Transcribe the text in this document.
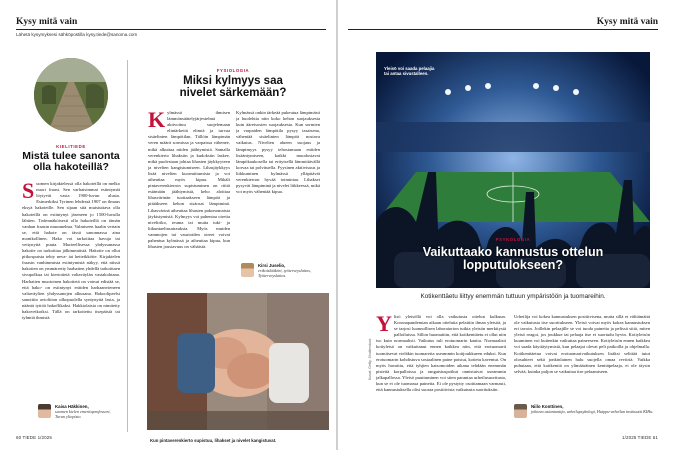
Kysy mitä vain
Lähetä kysymyksesi sähköpostilla kysy.tiede@sanoma.com
KIELITIEDE
Mistä tulee sanonta olla hakoteillä?
Suomen kirjakielessä olla hakoteillä on melko nuori fraasi. Sen varhaisimmat esiintymät löytyvät vasta 1900-luvun alusta. Esimerkiksi Tyrinen lehdessä 1907 on ilmaus eksyä hakoteille. Sen sijaan sitä muistuttava olla hakoteillä on esiintynyt jäseneen jo 1500-luvulla lähtien. Todennäköisesti olla hakoteillä on tämän vanhan fraasin muunnelma. Valmiseen haalin vertain se, että hakote on tässä sanonnassa aina monikollinen. Hako voi tarkoittaa havuja tai vettynyttä puuta. Murteellisessa yhdyssanassa hakotie on tarkoittaa jälkimmäistä. Hakotie on ollut pitkospuista tehty neva- tai hetteikkötie. Kirjakielen fraasin vanhimmista esiintymistä näkyy, että niissä hakotien on ymmärretty harhatien yhdellä tarkoittaen sivupolkua tai kiertotietä valtaväylän vastakohtana. Harhatien muotoinen hakotietä on voinut edistää se, että hako- on esiintynyt eräiden harhaanvieneen valtaväylien yhdyssanojen alkusana. Hakoolipeelsi sanottiin avioliiton ulkopuolella syntynyttä lasta, ja nääntä tyttöä hakoflikaksi. Hakkiolaisia on nimitetty hakoveikoiksi. Tällä on tarkoitettu itsepäisiä tai tyhmiä ihmisiä.
Kaisa Häkkinen,
suomen kielen emeritaprofessori, Turun yliopisto.
FYSIOLOGIA
Miksi kylmyys saa nivelet särkemään?
Kylmässä ihmisen lämmönsäätelyjärjestelmä aktivoituu suojelemaan elintärkeitä elimiä ja turvaa sisäelinten lämpötilan. Tällöin lämpimän veren määrä sormissa ja varpaissa vähenee, mikä alkuttaa niiden jäähtymistä. Samalla verenkierto lihaksiin ja kudoksiin laskee, mikä puolestaan johtaa lihasten jäykkyyteen ja nivelten kangistumiseen. Lihasjäykkyys lisää nivelten kuormittumista ja voi aiheuttaa myös kipua. Mikäli pintaverenkierron supistuminen on riittä estämään jäähtymistä, keho aloittaa lihasvärinän tuottaakseen lämpöä ja pitääkseen kehon sisäosat lämpiminä. Lihasvärinä aiheuttaa lihasten pakonomaista jäykistymistä. Kylmyys voi pahentaa oireita niveliriko, reuma tai muita tuki- ja liikuntaelinsairauksia. Myös muiden vammojen tai vaurioiden oireet voivat pahentua kylmässä ja aiheuttaa kipua, kun lihasten joustavuus on vähäistä.
Kylmässä onkin tärkeää pukeutua lämpimästi ja huolehtia niin koko kehon suojauksesta kuin ääreisosien suojauksesta. Kun sormien ja varpaiden lämpötila pysyy tasaisena, vähentää sisäelinten lämpöä nostava vaikutus. Nivelten alueen suojaus ja lämpimyys pysyy tehostamaan eräiden lisääntymiseen, kaikki muodostavat lämpökaukosella tai erityisellä lämmittävällä korvaa tai polvituella. Fyysinen aktiivisuus ja liikkuminen kylmässä ylläpitävät verenkierron hyvää toimintaa. Lihakset pysyvät lämpiminä ja nivelet liikkeessä, mikä voi myös vähentää kipua.
Kirsi Juselio,
erikoislääkäri, työterveyslaitos, Työterveyslaitos.
Kun pintaverenkierto supistuu, lihakset ja nivelet kangistuvat.
60 TIEDE 1/2025
Kysy mitä vain
Yleisö voi saada pelaajia tai antaa sivustalleen.
Kuvat: Getty, Shutterstock
PSYKOLOGIA
Vaikuttaako kannustus ottelun lopputulokseen?
Kotikenttäetu liittyy enemmän tuttuun ympäristöön ja tuomareihin.
Ylisö yleisöllä voi olla vaikutusta ottelun kulkuun. Koronapandemian aikaan otteluita pelattiin ilman yleisöä, ja se tarjosi luonnollisen laboratorion tutkia yleisön merkitystä palloiluissa. Sillon huomattiin, että kotikenttäetu ei ollut niin iso kuin normaalisti. Vaikutus tuli erotuomarin kautta. Normaalisti kotiyleisö on vaikuttanut ennen kaikkea niin, että erotuomarit tuomitsevat vieläkin tuomareita useammin kotijoukkueen eduksi. Kun erotuomarin kohdistuva sosiaalinen paine poistui, kotietu kaventui. On myös havaittu, että tyhjien katsomoiden aikana tehdään enemmän pisteitä korpalloissa ja rangaistuspotkut onnistuivat useammin jalkapallossa. Yleisö puuttuminen voi siten parantaa urheilusuoritusta, kun se ei ole tuomassa painetta. Ei ole pystytty osoittamaan varmasti, että kannustuksella olisi suoraa positiivista vaikutusta suorituksiin.
Urheilija voi kokea kannustuksen positiivisena, mutta sillä ei välttämättä ole vaikutusta itse suoritukseen. Yleisö voivat myös kokea kannustuksen eri tavoin. Joillekin pelaajille se voi tuoda paineita ja pelissä siitä, miten yleisö reagoi, jos joukkue tai pelaaja itse ei suoriudu hyvin. Kotiyleisön kuuminen voi kuitenkin vaikuttaa paineeseen. Kotiyleisön ennen kaikkea voi saada käyttäytymistä, kun pelaajat olevat peli paikoilla ja ohjelmalla. Kotikenttäetua voivat erotuomarivaikutuksen lisäksi selittää tutut olosuhteet sekä jonkinlainen halu suojella omaa reviiriä. Vaikka puhutaan, että kotikenttä on ylimääräinen kenttäpelaaja, ei ole täysin selvää, kuinka paljon se vaikuttaa itse pelaamiseen.
Niilo Konttinen,
johtava asiantuntija, urheilupsykologi, Huippu-urheilun instituutti KIHu.
1/2025 TIEDE 61
